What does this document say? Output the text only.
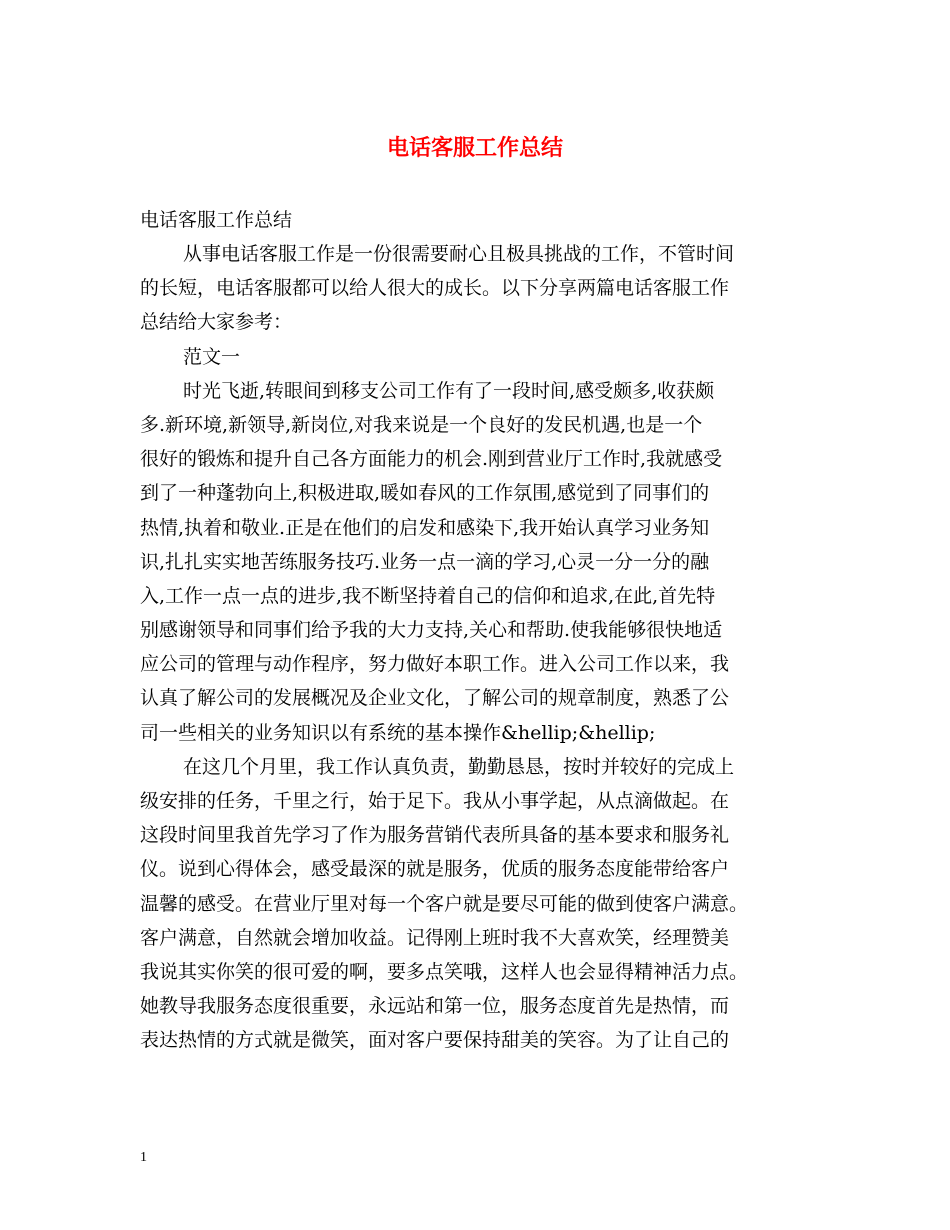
电话客服工作总结
电话客服工作总结
从事电话客服工作是一份很需要耐心且极具挑战的工作，不管时间
的长短，电话客服都可以给人很大的成长。以下分享两篇电话客服工作
总结给大家参考：
范文一
时光飞逝,转眼间到移支公司工作有了一段时间,感受颇多,收获颇
多.新环境,新领导,新岗位,对我来说是一个良好的发民机遇,也是一个
很好的锻炼和提升自己各方面能力的机会.刚到营业厅工作时,我就感受
到了一种蓬勃向上,积极进取,暖如春风的工作氛围,感觉到了同事们的
热情,执着和敬业.正是在他们的启发和感染下,我开始认真学习业务知
识,扎扎实实地苦练服务技巧.业务一点一滴的学习,心灵一分一分的融
入,工作一点一点的进步,我不断坚持着自己的信仰和追求,在此,首先特
别感谢领导和同事们给予我的大力支持,关心和帮助.使我能够很快地适
应公司的管理与动作程序，努力做好本职工作。进入公司工作以来，我
认真了解公司的发展概况及企业文化，了解公司的规章制度，熟悉了公
司一些相关的业务知识以有系统的基本操作&hellip;&hellip;
在这几个月里，我工作认真负责，勤勤恳恳，按时并较好的完成上
级安排的任务，千里之行，始于足下。我从小事学起，从点滴做起。在
这段时间里我首先学习了作为服务营销代表所具备的基本要求和服务礼
仪。说到心得体会，感受最深的就是服务，优质的服务态度能带给客户
温馨的感受。在营业厅里对每一个客户就是要尽可能的做到使客户满意。
客户满意，自然就会增加收益。记得刚上班时我不大喜欢笑，经理赞美
我说其实你笑的很可爱的啊，要多点笑哦，这样人也会显得精神活力点。
她教导我服务态度很重要，永远站和第一位，服务态度首先是热情，而
表达热情的方式就是微笑，面对客户要保持甜美的笑容。为了让自己的
1
